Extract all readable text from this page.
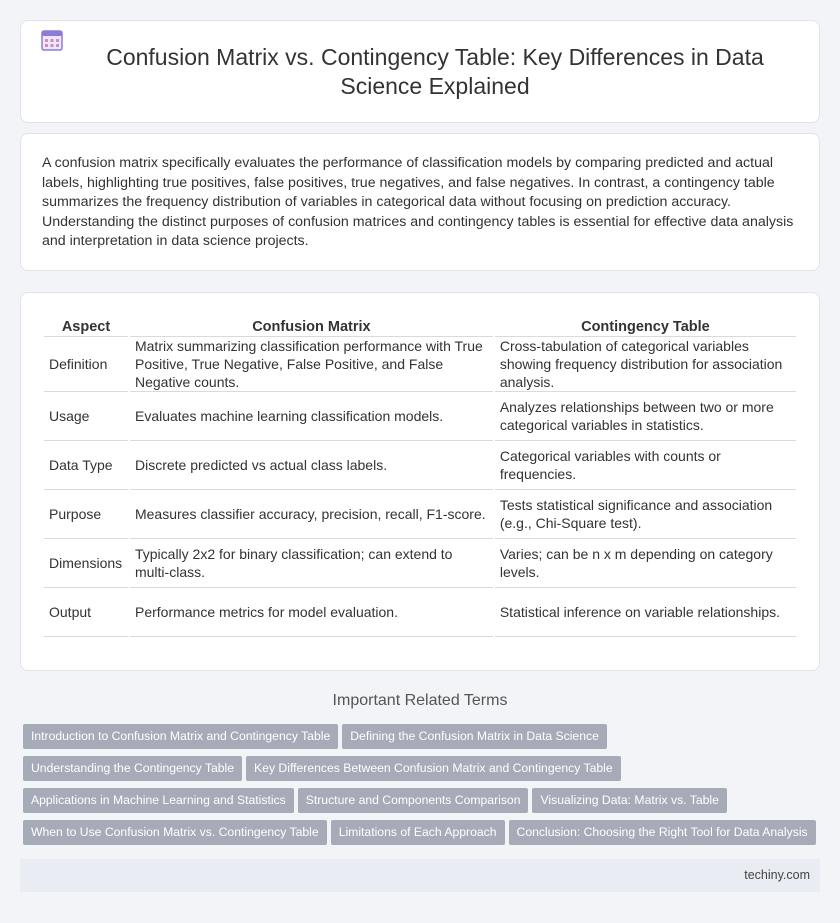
Confusion Matrix vs. Contingency Table: Key Differences in Data Science Explained

A confusion matrix specifically evaluates the performance of classification models by comparing predicted and actual labels, highlighting true positives, false positives, true negatives, and false negatives. In contrast, a contingency table summarizes the frequency distribution of variables in categorical data without focusing on prediction accuracy. Understanding the distinct purposes of confusion matrices and contingency tables is essential for effective data analysis and interpretation in data science projects.

Aspect	Confusion Matrix	Contingency Table
Definition	Matrix summarizing classification performance with True Positive, True Negative, False Positive, and False Negative counts.	Cross-tabulation of categorical variables showing frequency distribution for association analysis.
Usage	Evaluates machine learning classification models.	Analyzes relationships between two or more categorical variables in statistics.
Data Type	Discrete predicted vs actual class labels.	Categorical variables with counts or frequencies.
Purpose	Measures classifier accuracy, precision, recall, F1-score.	Tests statistical significance and association (e.g., Chi-Square test).
Dimensions	Typically 2x2 for binary classification; can extend to multi-class.	Varies; can be n x m depending on category levels.
Output	Performance metrics for model evaluation.	Statistical inference on variable relationships.
Important Related Terms
Introduction to Confusion Matrix and Contingency Table Defining the Confusion Matrix in Data Science
Understanding the Contingency Table Key Differences Between Confusion Matrix and Contingency Table
Applications in Machine Learning and Statistics Structure and Components Comparison Visualizing Data: Matrix vs. Table
When to Use Confusion Matrix vs. Contingency Table Limitations of Each Approach Conclusion: Choosing the Right Tool for Data Analysis
techiny.com
